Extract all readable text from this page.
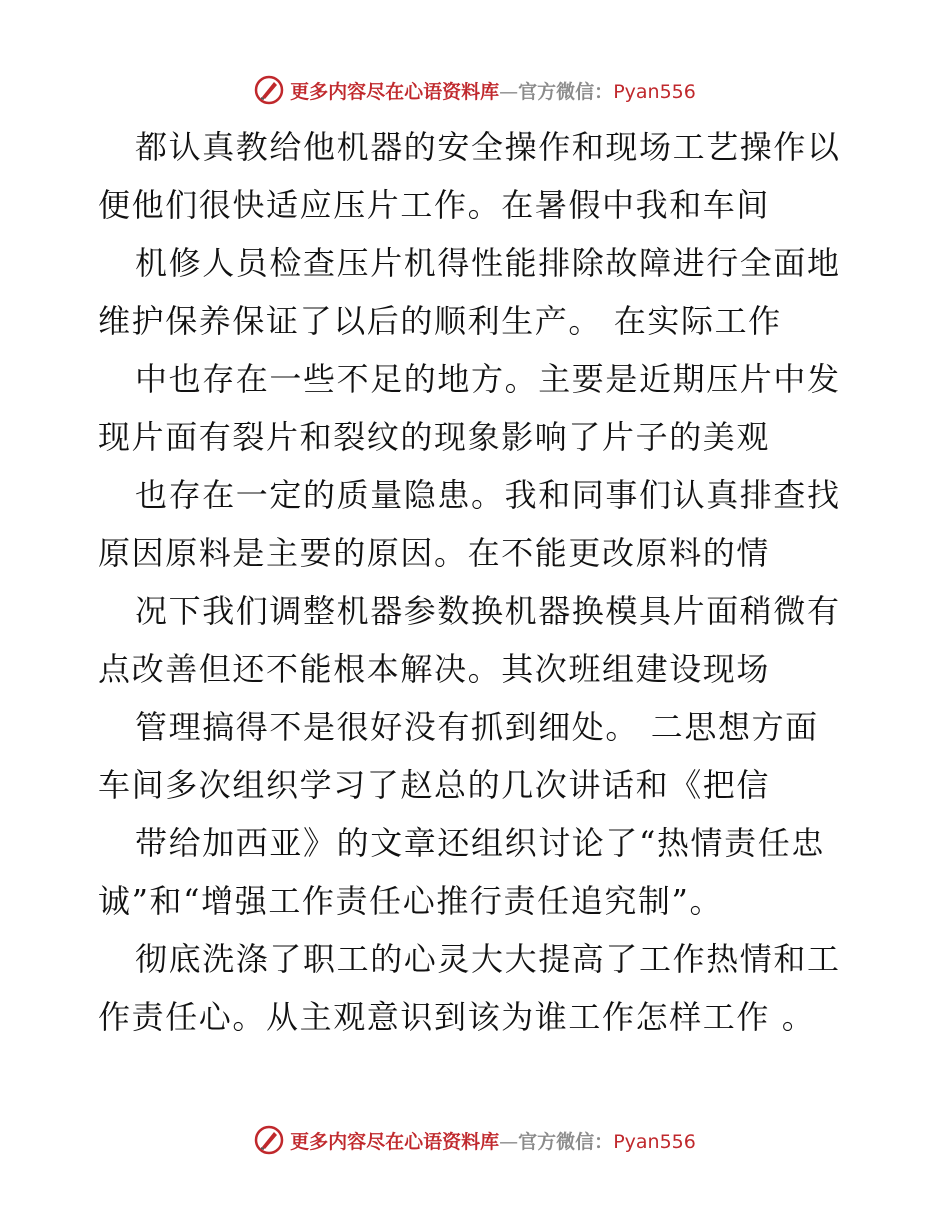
更多内容尽在心语资料库—官方微信：Pyan556
都认真教给他机器的安全操作和现场工艺操作以
便他们很快适应压片工作。在暑假中我和车间
机修人员检查压片机得性能排除故障进行全面地
维护保养保证了以后的顺利生产。 在实际工作
中也存在一些不足的地方。主要是近期压片中发
现片面有裂片和裂纹的现象影响了片子的美观
也存在一定的质量隐患。我和同事们认真排查找
原因原料是主要的原因。在不能更改原料的情
况下我们调整机器参数换机器换模具片面稍微有
点改善但还不能根本解决。其次班组建设现场
管理搞得不是很好没有抓到细处。 二思想方面
车间多次组织学习了赵总的几次讲话和《把信
带给加西亚》的文章还组织讨论了“热情责任忠
诚”和“增强工作责任心推行责任追究制”。
彻底洗涤了职工的心灵大大提高了工作热情和工
作责任心。从主观意识到该为谁工作怎样工作 。
更多内容尽在心语资料库—官方微信：Pyan556
